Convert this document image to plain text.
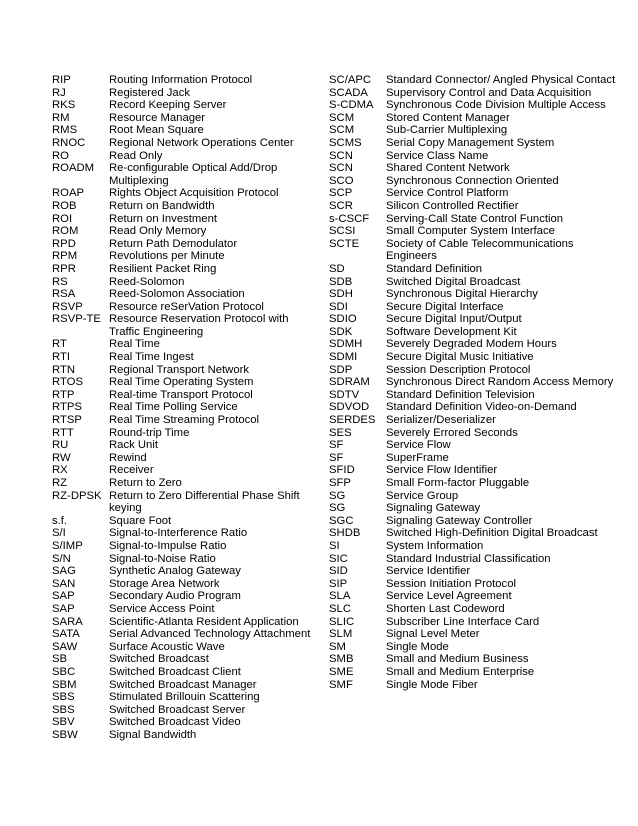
RIP	Routing Information Protocol
RJ	Registered Jack
RKS	Record Keeping Server
RM	Resource Manager
RMS	Root Mean Square
RNOC	Regional Network Operations Center
RO	Read Only
ROADM	Re-configurable Optical Add/Drop Multiplexing
ROAP	Rights Object Acquisition Protocol
ROB	Return on Bandwidth
ROI	Return on Investment
ROM	Read Only Memory
RPD	Return Path Demodulator
RPM	Revolutions per Minute
RPR	Resilient Packet Ring
RS	Reed-Solomon
RSA	Reed-Solomon Association
RSVP	Resource reSerVation Protocol
RSVP-TE Resource Reservation Protocol with Traffic Engineering
RT	Real Time
RTI	Real Time Ingest
RTN	Regional Transport Network
RTOS	Real Time Operating System
RTP	Real-time Transport Protocol
RTPS	Real Time Polling Service
RTSP	Real Time Streaming Protocol
RTT	Round-trip Time
RU	Rack Unit
RW	Rewind
RX	Receiver
RZ	Return to Zero
RZ-DPSK Return to Zero Differential Phase Shift keying
s.f.	Square Foot
S/I	Signal-to-Interference Ratio
S/IMP	Signal-to-Impulse Ratio
S/N	Signal-to-Noise Ratio
SAG	Synthetic Analog Gateway
SAN	Storage Area Network
SAP	Secondary Audio Program
SAP	Service Access Point
SARA	Scientific-Atlanta Resident Application
SATA	Serial Advanced Technology Attachment
SAW	Surface Acoustic Wave
SB	Switched Broadcast
SBC	Switched Broadcast Client
SBM	Switched Broadcast Manager
SBS	Stimulated Brillouin Scattering
SBS	Switched Broadcast Server
SBV	Switched Broadcast Video
SBW	Signal Bandwidth
SC/APC	Standard Connector/ Angled Physical Contact
SCADA	Supervisory Control and Data Acquisition
S-CDMA	Synchronous Code Division Multiple Access
SCM	Stored Content Manager
SCM	Sub-Carrier Multiplexing
SCMS	Serial Copy Management System
SCN	Service Class Name
SCN	Shared Content Network
SCO	Synchronous Connection Oriented
SCP	Service Control Platform
SCR	Silicon Controlled Rectifier
s-CSCF	Serving-Call State Control Function
SCSI	Small Computer System Interface
SCTE	Society of Cable Telecommunications Engineers
SD	Standard Definition
SDB	Switched Digital Broadcast
SDH	Synchronous Digital Hierarchy
SDI	Secure Digital Interface
SDIO	Secure Digital Input/Output
SDK	Software Development Kit
SDMH	Severely Degraded Modem Hours
SDMI	Secure Digital Music Initiative
SDP	Session Description Protocol
SDRAM	Synchronous Direct Random Access Memory
SDTV	Standard Definition Television
SDVOD	Standard Definition Video-on-Demand
SERDES Serializer/Deserializer
SES	Severely Errored Seconds
SF	Service Flow
SF	SuperFrame
SFID	Service Flow Identifier
SFP	Small Form-factor Pluggable
SG	Service Group
SG	Signaling Gateway
SGC	Signaling Gateway Controller
SHDB	Switched High-Definition Digital Broadcast
SI	System Information
SIC	Standard Industrial Classification
SID	Service Identifier
SIP	Session Initiation Protocol
SLA	Service Level Agreement
SLC	Shorten Last Codeword
SLIC	Subscriber Line Interface Card
SLM	Signal Level Meter
SM	Single Mode
SMB	Small and Medium Business
SME	Small and Medium Enterprise
SMF	Single Mode Fiber
